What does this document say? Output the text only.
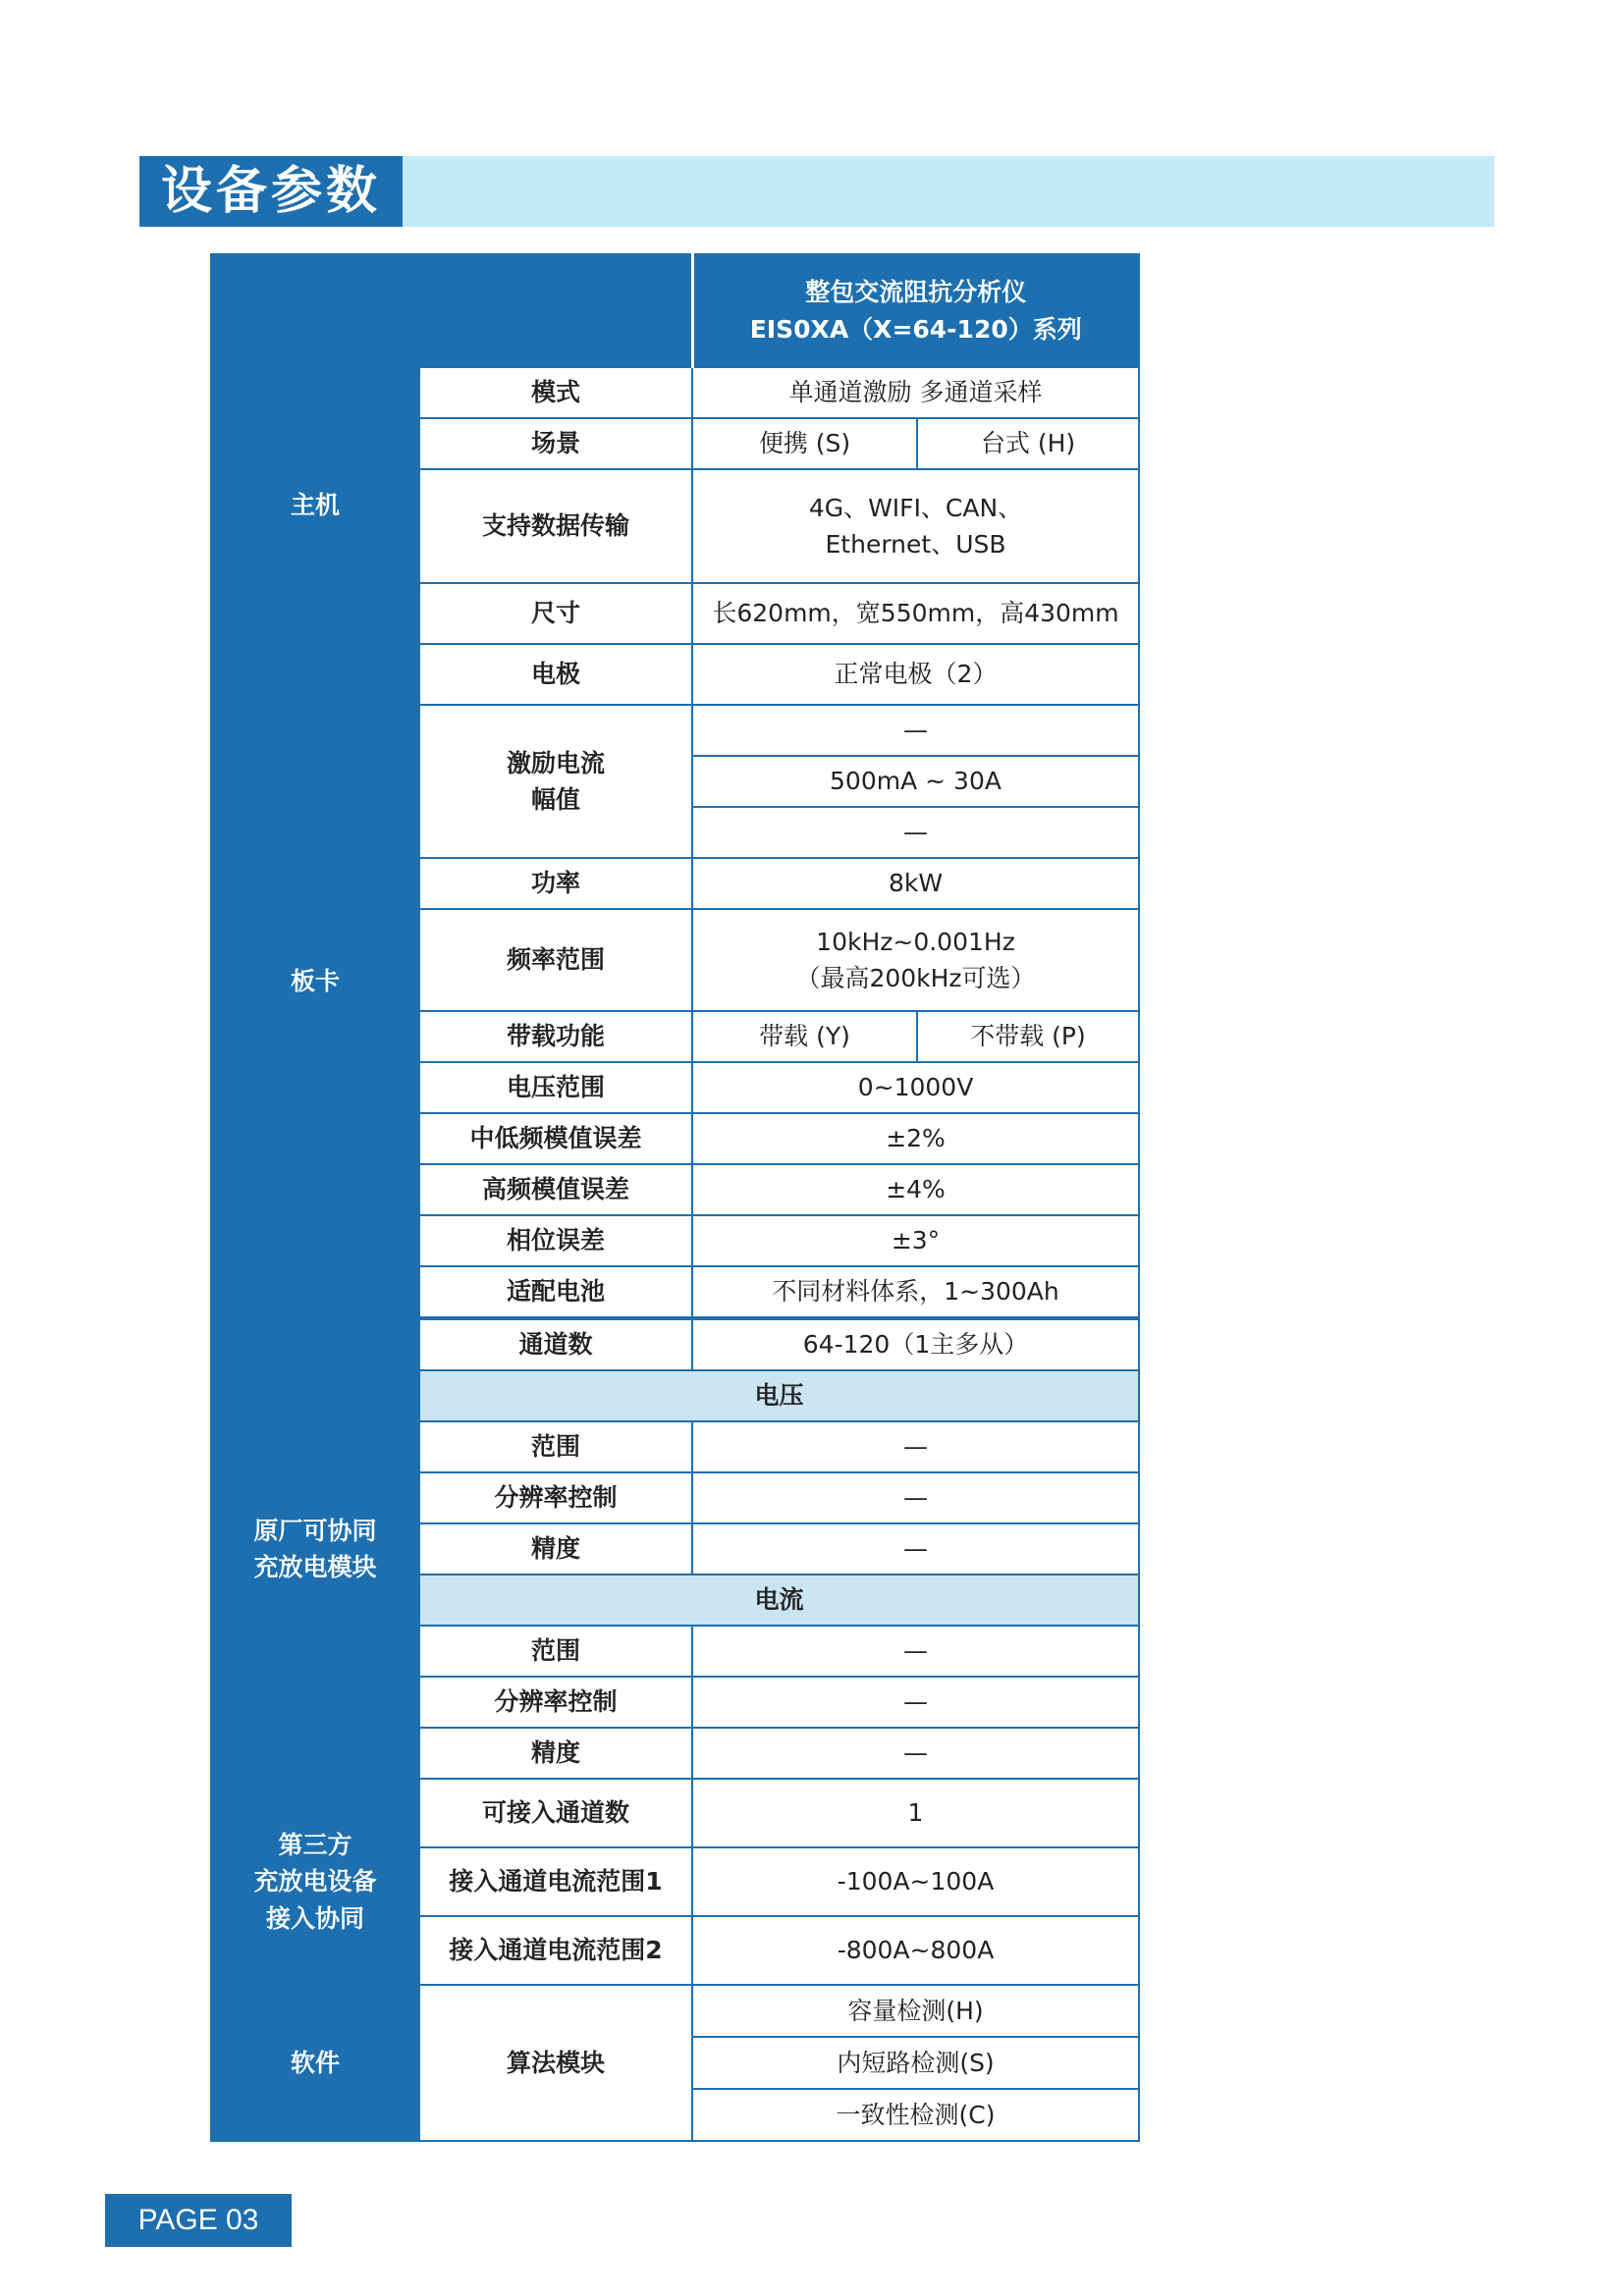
设备参数

		整包交流阻抗分析仪
EIS0XA（X=64-120）系列	

主机	模式	单通道激励 多通道采样	
	场景	便携 (S)	台式 (H)
	支持数据传输	4G、WIFI、CAN、
Ethernet、USB	

	尺寸	长620mm，宽550mm，高430mm	
板卡	电极	正常电极（2）	

	激励电流
幅值	—	
		500mA ~ 30A	
		—	
	功率	8kW	
	频率范围	10kHz~0.001Hz
（最高200kHz可选）	

	带载功能	带载 (Y)	不带载 (P)
	电压范围	0~1000V	
	中低频模值误差	±2%	
	高频模值误差	±4%	
	相位误差	±3°	
	适配电池	不同材料体系，1~300Ah	

原厂可协同
充放电模块	通道数	64-120（1主多从）	
	电压		
	范围	—	
	分辨率控制	—	
	精度	—	
	电流		
	范围	—	
	分辨率控制	—	
	精度	—	

第三方
充放电设备
接入协同	可接入通道数	1	
	接入通道电流范围1	-100A~100A	
	接入通道电流范围2	-800A~800A	
软件	算法模块	容量检测(H)	
		内短路检测(S)	
		一致性检测(C)	
PAGE 03
